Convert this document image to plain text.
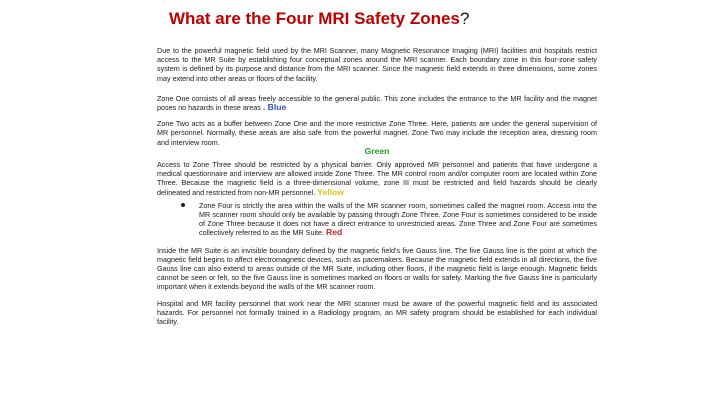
What are the Four MRI Safety Zones?

Due to the powerful magnetic field used by the MRI Scanner, many Magnetic Resonance Imaging (MRI) facilities and hospitals restrict access to the MR Suite by establishing four conceptual zones around the MRI scanner. Each boundary zone in this four-zone safety system is defined by its purpose and distance from the MRI scanner. Since the magnetic field extends in three dimensions, some zones may extend into other areas or floors of the facility.

Zone One consists of all areas freely accessible to the general public. This zone includes the entrance to the MR facility and the magnet poses no hazards in these areas . Blue

Zone Two acts as a buffer between Zone One and the more restrictive Zone Three. Here, patients are under the general supervision of MR personnel. Normally, these areas are also safe from the powerful magnet. Zone Two may include the reception area, dressing room and interview room.

Green

Access to Zone Three should be restricted by a physical barrier. Only approved MR personnel and patients that have undergone a medical questionnaire and interview are allowed inside Zone Three. The MR control room and/or computer room are located within Zone Three. Because the magnetic field is a three-dimensional volume, zone III must be restricted and field hazards should be clearly delineated and restricted from non-MR personnel. Yellow

Zone Four is strictly the area within the walls of the MR scanner room, sometimes called the magnet room. Access into the MR scanner room should only be available by passing through Zone Three. Zone Four is sometimes considered to be inside of Zone Three because it does not have a direct entrance to unrestricted areas. Zone Three and Zone Four are sometimes collectively referred to as the MR Suite. Red

Inside the MR Suite is an invisible boundary defined by the magnetic field's five Gauss line. The five Gauss line is the point at which the magnetic field begins to affect electromagnetic devices, such as pacemakers. Because the magnetic field extends in all directions, the five Gauss line can also extend to areas outside of the MR Suite, including other floors, if the magnetic field is large enough. Magnetic fields cannot be seen or felt, so the five Gauss line is sometimes marked on floors or walls for safety. Marking the five Gauss line is particularly important when it extends beyond the walls of the MR scanner room.

Hospital and MR facility personnel that work near the MRI scanner must be aware of the powerful magnetic field and its associated hazards. For personnel not formally trained in a Radiology program, an MR safety program should be established for each individual facility.
